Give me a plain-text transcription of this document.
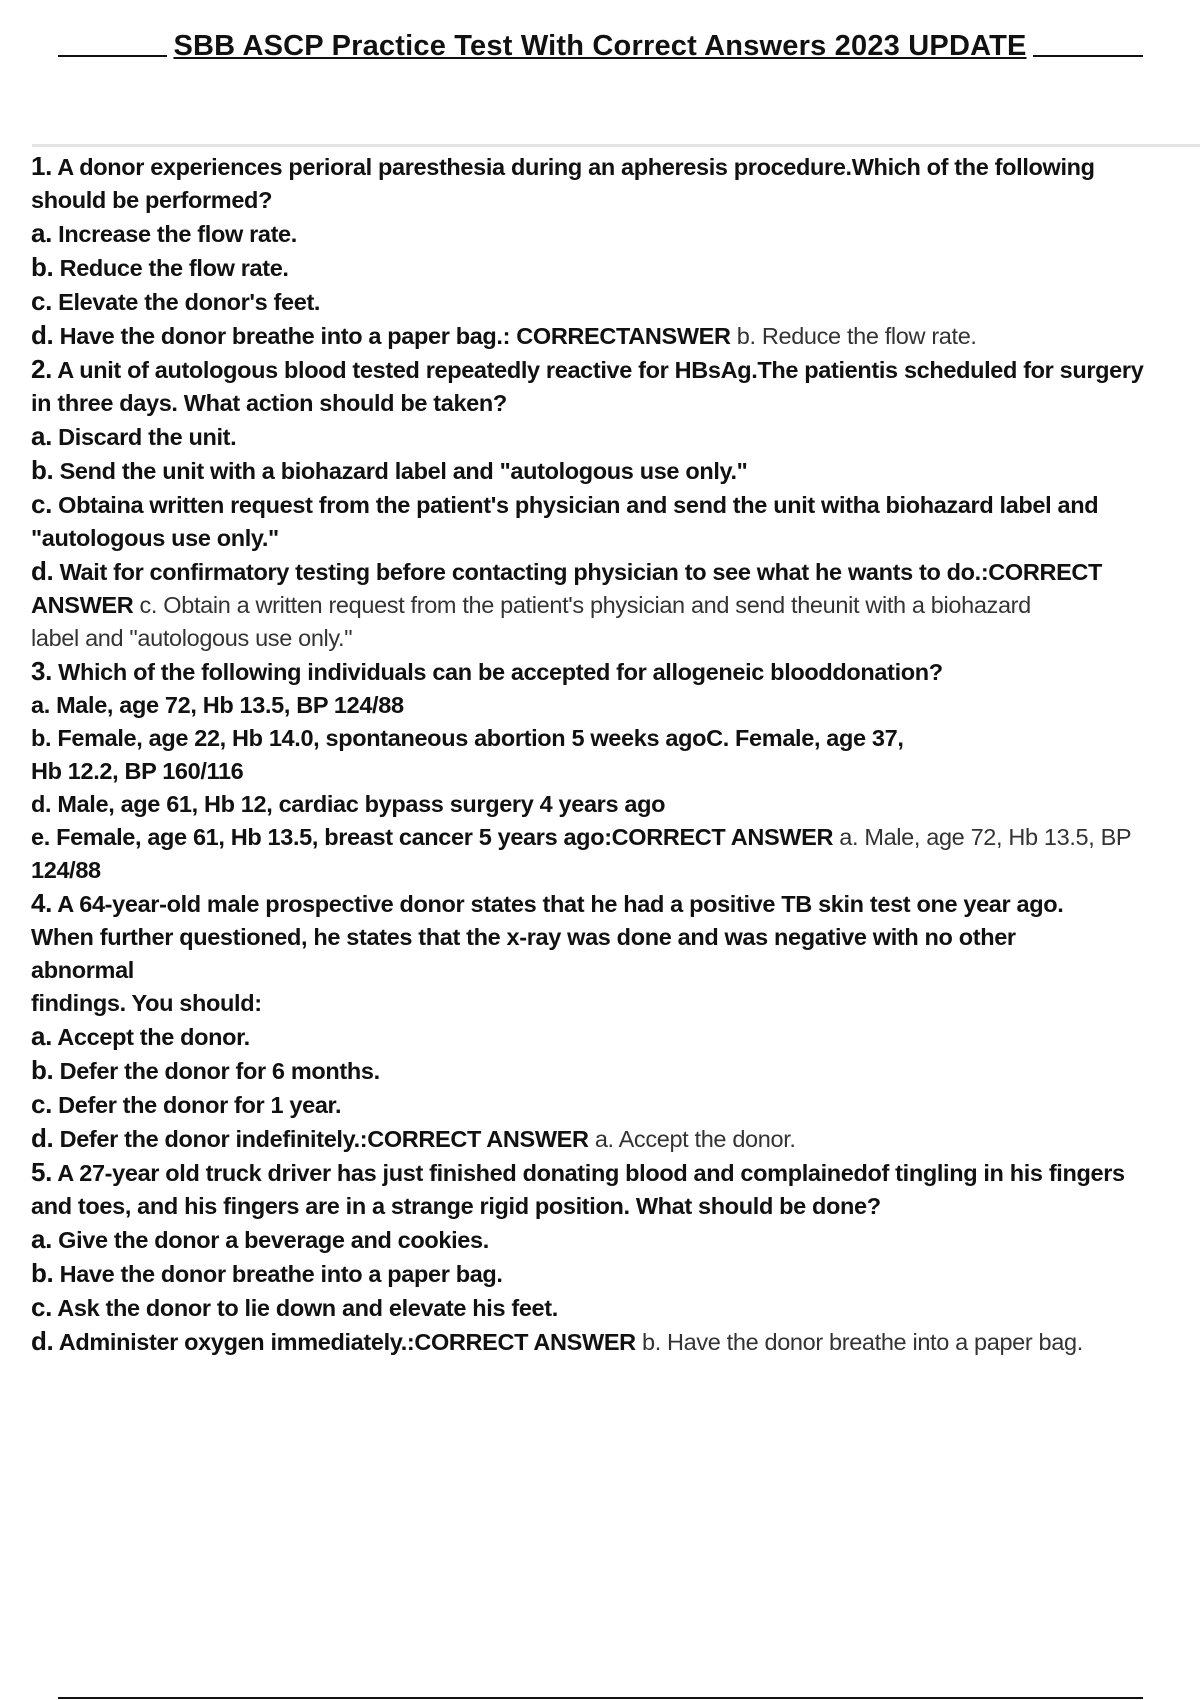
SBB ASCP Practice Test With Correct Answers 2023 UPDATE
1. A donor experiences perioral paresthesia during an apheresis procedure.Which of the following
should be performed?
a. Increase the flow rate.
b. Reduce the flow rate.
c. Elevate the donor's feet.
d. Have the donor breathe into a paper bag.: CORRECTANSWER b. Reduce the flow rate.
2. A unit of autologous blood tested repeatedly reactive for HBsAg.The patientis scheduled for surgery
in three days. What action should be taken?
a. Discard the unit.
b. Send the unit with a biohazard label and "autologous use only."
c. Obtaina written request from the patient's physician and send the unit witha biohazard label and
"autologous use only."
d. Wait for confirmatory testing before contacting physician to see what he wants to do.:CORRECT
ANSWER c. Obtain a written request from the patient's physician and send theunit with a biohazard
label and "autologous use only."
3. Which of the following individuals can be accepted for allogeneic blooddonation?
a. Male, age 72, Hb 13.5, BP 124/88
b. Female, age 22, Hb 14.0, spontaneous abortion 5 weeks agoC. Female, age 37,
Hb 12.2, BP 160/116
d. Male, age 61, Hb 12, cardiac bypass surgery 4 years ago
e. Female, age 61, Hb 13.5, breast cancer 5 years ago:CORRECT ANSWER a. Male, age 72, Hb 13.5, BP
124/88
4. A 64-year-old male prospective donor states that he had a positive TB skin test one year ago.
When further questioned, he states that the x-ray was done and was negative with no other
abnormal
findings. You should:
a. Accept the donor.
b. Defer the donor for 6 months.
c. Defer the donor for 1 year.
d. Defer the donor indefinitely.:CORRECT ANSWER a. Accept the donor.
5. A 27-year old truck driver has just finished donating blood and complainedof tingling in his fingers
and toes, and his fingers are in a strange rigid position. What should be done?
a. Give the donor a beverage and cookies.
b. Have the donor breathe into a paper bag.
c. Ask the donor to lie down and elevate his feet.
d. Administer oxygen immediately.:CORRECT ANSWER b. Have the donor breathe into a paper bag.
